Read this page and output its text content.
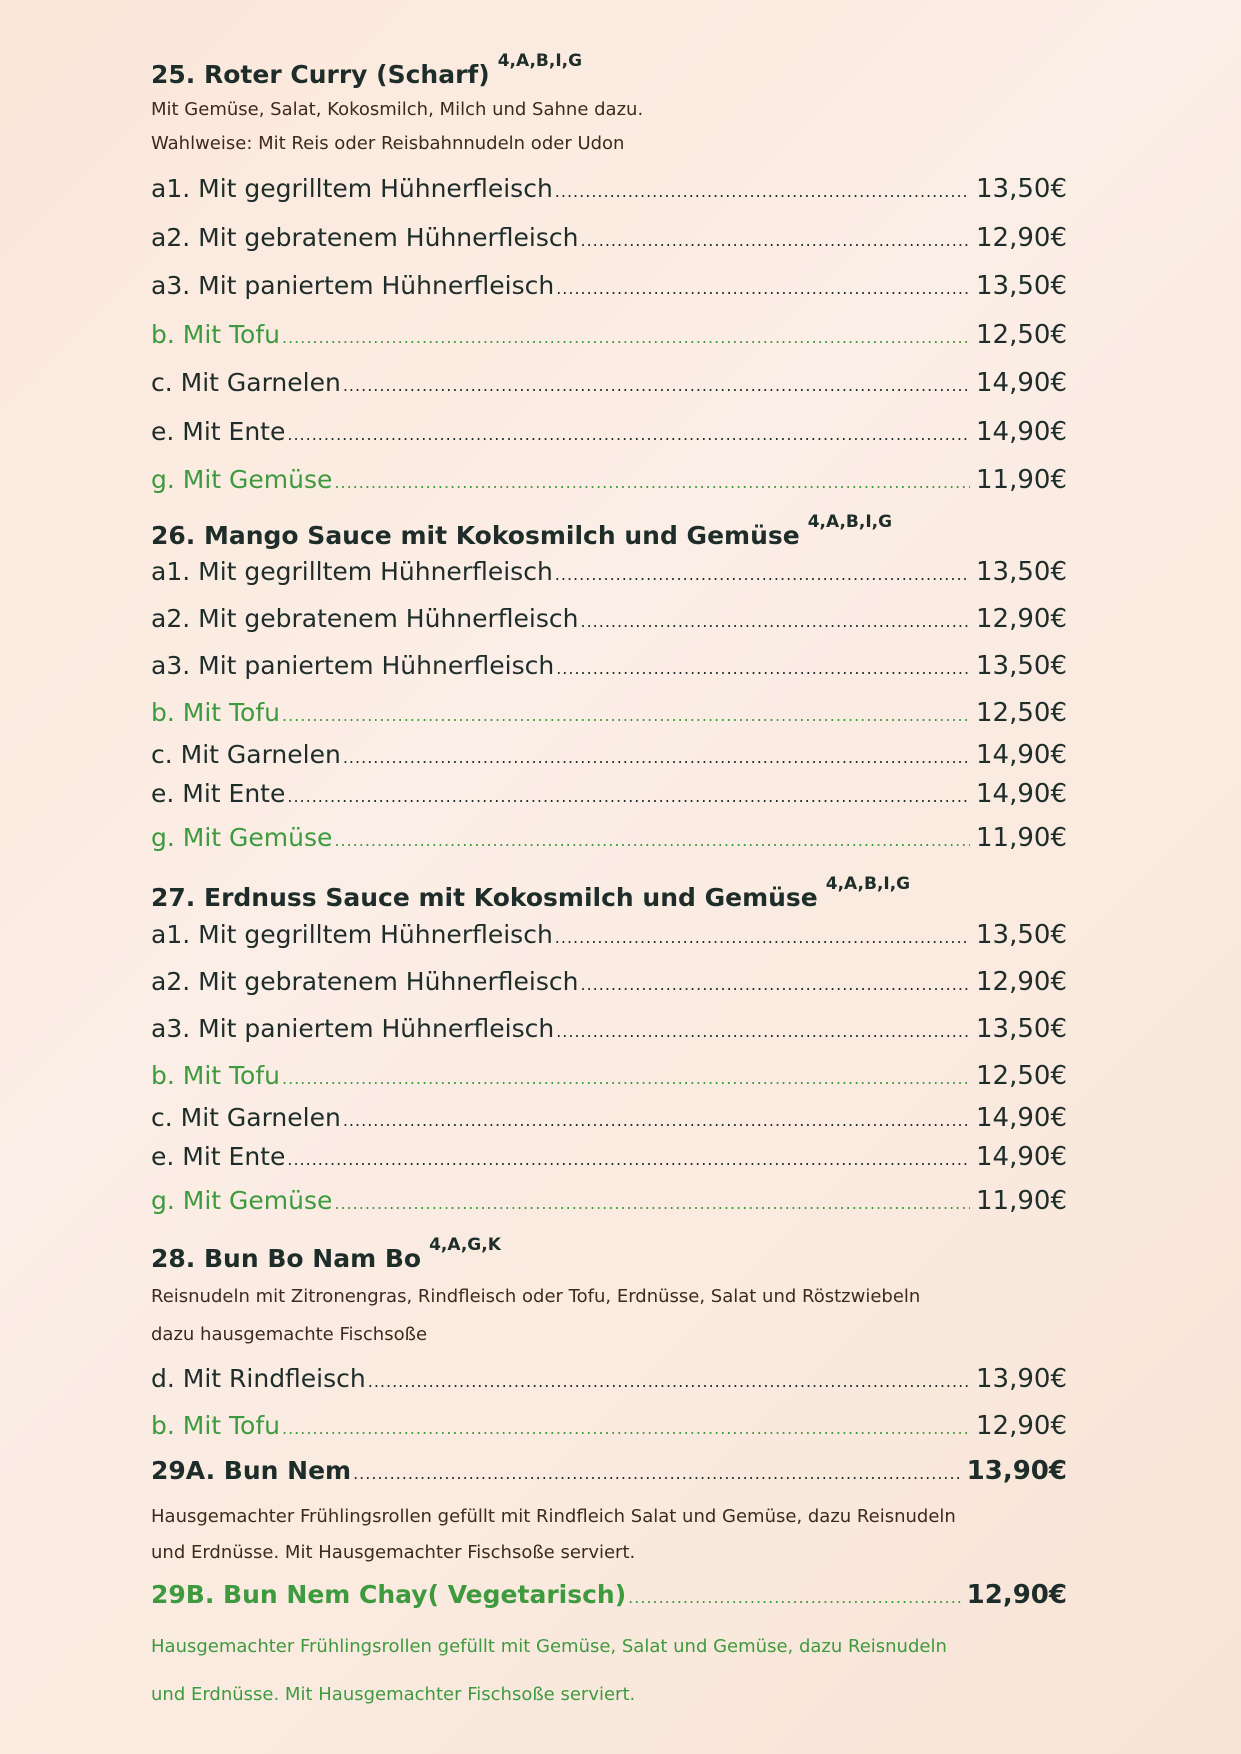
25. Roter Curry (Scharf) $^{4,A,B,I,G}$
Mit Gemüse, Salat, Kokosmilch, Milch und Sahne dazu.
Wahlweise: Mit Reis oder Reisbahnnudeln oder Udon
a1. Mit gegrilltem Hühnerfleisch .....	13,50€
a2. Mit gebratenem Hühnerfleisch .....	12,90€
a3. Mit paniertem Hühnerfleisch .....	13,50€
b. Mit Tofu .....	12,50€
c. Mit Garnelen .....	14,90€
e. Mit Ente .....	14,90€
g. Mit Gemüse .....	11,90€
26. Mango Sauce mit Kokosmilch und Gemüse $^{4,A,B,I,G}$
a1. Mit gegrilltem Hühnerfleisch .....	13,50€
a2. Mit gebratenem Hühnerfleisch .....	12,90€
a3. Mit paniertem Hühnerfleisch .....	13,50€
b. Mit Tofu .....	12,50€
c. Mit Garnelen .....	14,90€
e. Mit Ente .....	14,90€
g. Mit Gemüse .....	11,90€
27. Erdnuss Sauce mit Kokosmilch und Gemüse $^{4,A,B,I,G}$
a1. Mit gegrilltem Hühnerfleisch .....	13,50€
a2. Mit gebratenem Hühnerfleisch .....	12,90€
a3. Mit paniertem Hühnerfleisch .....	13,50€
b. Mit Tofu .....	12,50€
c. Mit Garnelen .....	14,90€
e. Mit Ente .....	14,90€
g. Mit Gemüse .....	11,90€
28. Bun Bo Nam Bo $^{4,A,G,K}$
Reisnudeln mit Zitronengras, Rindfleisch oder Tofu, Erdnüsse, Salat und Röstzwiebeln
dazu hausgemachte Fischsoße
d. Mit Rindfleisch .....	13,90€
b. Mit Tofu .....	12,90€
29A. Bun Nem .....	13,90€
Hausgemachter Frühlingsrollen gefüllt mit Rindfleich Salat und Gemüse, dazu Reisnudeln
und Erdnüsse. Mit Hausgemachter Fischsoße serviert.
29B. Bun Nem Chay( Vegetarisch) .....	12,90€
Hausgemachter Frühlingsrollen gefüllt mit Gemüse, Salat und Gemüse, dazu Reisnudeln
und Erdnüsse. Mit Hausgemachter Fischsoße serviert.
